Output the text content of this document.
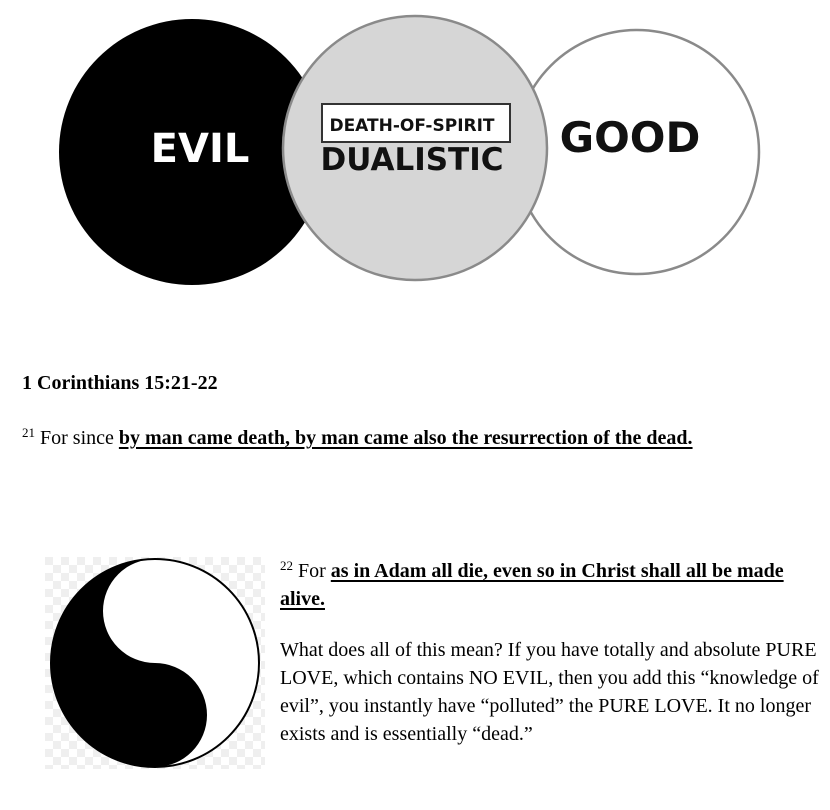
EVIL	DEATH-OF-SPIRIT
DUALISTIC GOOD

1 Corinthians 15:21-22

$^{21}$ For since by man came death, by man came also the resurrection of the dead.

$^{22}$ For as in Adam all die, even so in Christ shall all be made alive.

What does all of this mean? If you have totally and absolute PURE LOVE, which contains NO EVIL, then you add this “knowledge of evil”, you instantly have “polluted” the PURE LOVE. It no longer exists and is essentially “dead.”
